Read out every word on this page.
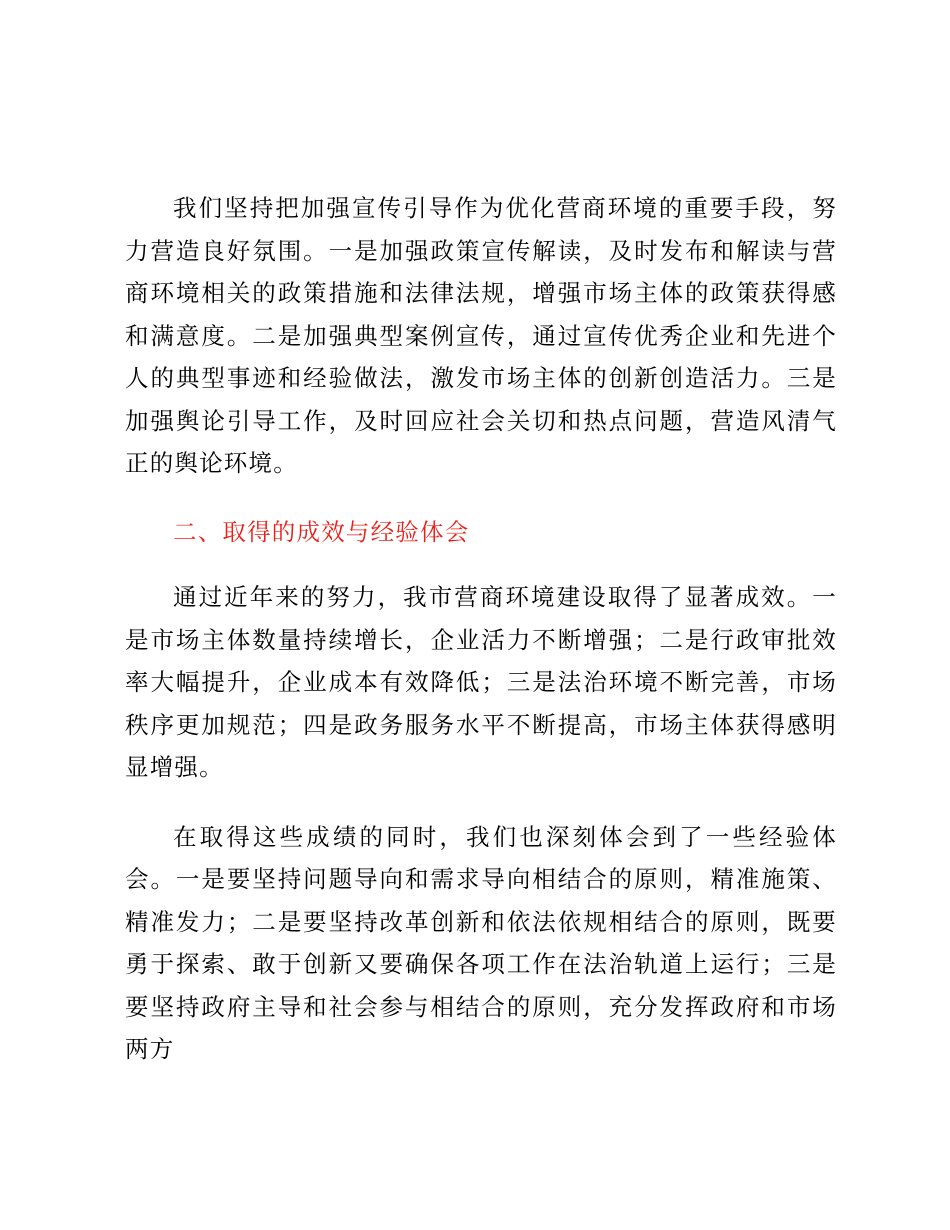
我们坚持把加强宣传引导作为优化营商环境的重要手段，努力营造良好氛围。一是加强政策宣传解读，及时发布和解读与营商环境相关的政策措施和法律法规，增强市场主体的政策获得感和满意度。二是加强典型案例宣传，通过宣传优秀企业和先进个人的典型事迹和经验做法，激发市场主体的创新创造活力。三是加强舆论引导工作，及时回应社会关切和热点问题，营造风清气正的舆论环境。

二、取得的成效与经验体会

通过近年来的努力，我市营商环境建设取得了显著成效。一是市场主体数量持续增长，企业活力不断增强；二是行政审批效率大幅提升，企业成本有效降低；三是法治环境不断完善，市场秩序更加规范；四是政务服务水平不断提高，市场主体获得感明显增强。

在取得这些成绩的同时，我们也深刻体会到了一些经验体会。一是要坚持问题导向和需求导向相结合的原则，精准施策、精准发力；二是要坚持改革创新和依法依规相结合的原则，既要勇于探索、敢于创新又要确保各项工作在法治轨道上运行；三是要坚持政府主导和社会参与相结合的原则，充分发挥政府和市场两方
